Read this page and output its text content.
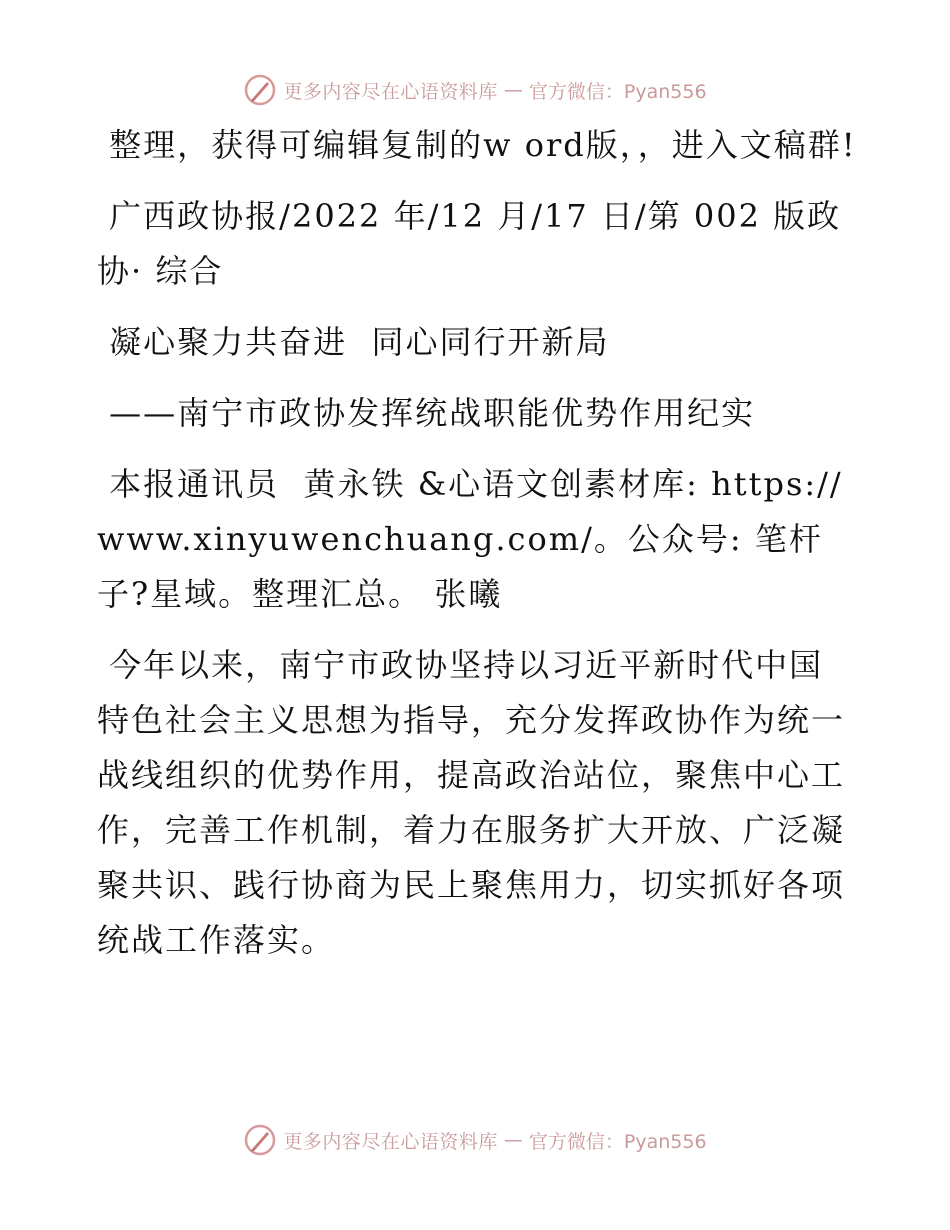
更多内容尽在心语资料库 — 官方微信：Pyan556

整理，获得可编辑复制的w ord版，，进入文稿群!

广西政协报/2022 年/12 月/17 日/第 002 版政协· 综合

凝心聚力共奋进  同心同行开新局

——南宁市政协发挥统战职能优势作用纪实

本报通讯员  黄永铁 &心语文创素材库: https://www.xinyuwenchuang.com/。公众号: 笔杆子?星域。整理汇总。 张曦

今年以来，南宁市政协坚持以习近平新时代中国特色社会主义思想为指导，充分发挥政协作为统一战线组织的优势作用，提高政治站位，聚焦中心工作，完善工作机制，着力在服务扩大开放、广泛凝聚共识、践行协商为民上聚焦用力，切实抓好各项统战工作落实。

更多内容尽在心语资料库 — 官方微信：Pyan556
